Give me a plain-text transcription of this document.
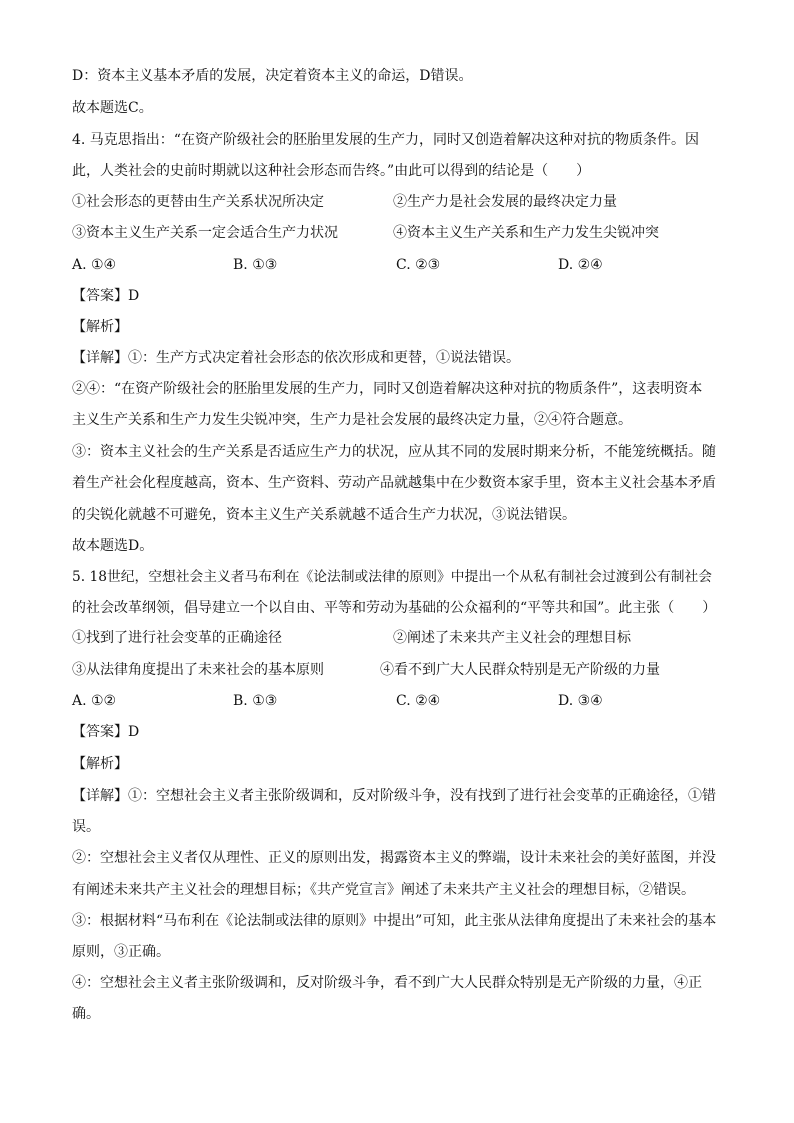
D：资本主义基本矛盾的发展，决定着资本主义的命运，D错误。
故本题选C。
4. 马克思指出：“在资产阶级社会的胚胎里发展的生产力，同时又创造着解决这种对抗的物质条件。因
此，人类社会的史前时期就以这种社会形态而告终。”由此可以得到的结论是（　　）
①社会形态的更替由生产关系状况所决定	②生产力是社会发展的最终决定力量
③资本主义生产关系一定会适合生产力状况	④资本主义生产关系和生产力发生尖锐冲突
A. ①④	B. ①③	C. ②③	D. ②④
【答案】D
【解析】
【详解】①：生产方式决定着社会形态的依次形成和更替，①说法错误。
②④：“在资产阶级社会的胚胎里发展的生产力，同时又创造着解决这种对抗的物质条件”，这表明资本
主义生产关系和生产力发生尖锐冲突，生产力是社会发展的最终决定力量，②④符合题意。
③：资本主义社会的生产关系是否适应生产力的状况，应从其不同的发展时期来分析，不能笼统概括。随
着生产社会化程度越高，资本、生产资料、劳动产品就越集中在少数资本家手里，资本主义社会基本矛盾
的尖锐化就越不可避免，资本主义生产关系就越不适合生产力状况，③说法错误。
故本题选D。
5. 18世纪，空想社会主义者马布利在《论法制或法律的原则》中提出一个从私有制社会过渡到公有制社会
的社会改革纲领，倡导建立一个以自由、平等和劳动为基础的公众福利的“平等共和国”。此主张（　　）
①找到了进行社会变革的正确途径	②阐述了未来共产主义社会的理想目标
③从法律角度提出了未来社会的基本原则	④看不到广大人民群众特别是无产阶级的力量
A. ①②	B. ①③	C. ②④	D. ③④
【答案】D
【解析】
【详解】①：空想社会主义者主张阶级调和，反对阶级斗争，没有找到了进行社会变革的正确途径，①错
误。
②：空想社会主义者仅从理性、正义的原则出发，揭露资本主义的弊端，设计未来社会的美好蓝图，并没
有阐述未来共产主义社会的理想目标；《共产党宣言》阐述了未来共产主义社会的理想目标，②错误。
③：根据材料“马布利在《论法制或法律的原则》中提出”可知，此主张从法律角度提出了未来社会的基本
原则，③正确。
④：空想社会主义者主张阶级调和，反对阶级斗争，看不到广大人民群众特别是无产阶级的力量，④正
确。
